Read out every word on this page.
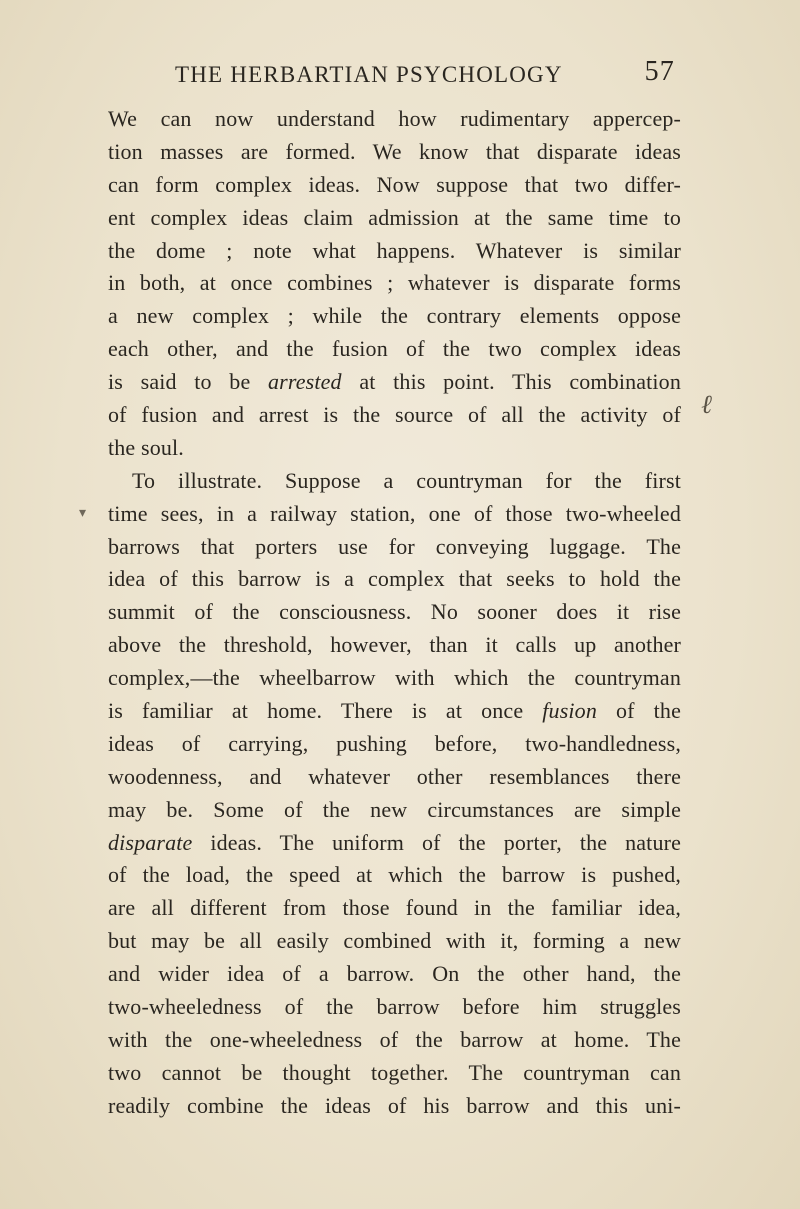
THE HERBARTIAN PSYCHOLOGY	57
We can now understand how rudimentary appercep-
tion masses are formed. We know that disparate ideas
can form complex ideas. Now suppose that two differ-
ent complex ideas claim admission at the same time to
the dome ; note what happens. Whatever is similar
in both, at once combines ; whatever is disparate forms
a new complex ; while the contrary elements oppose
each other, and the fusion of the two complex ideas
is said to be arrested at this point. This combination
of fusion and arrest is the source of all the activity of
the soul.
To illustrate. Suppose a countryman for the first
time sees, in a railway station, one of those two-wheeled
barrows that porters use for conveying luggage. The
idea of this barrow is a complex that seeks to hold the
summit of the consciousness. No sooner does it rise
above the threshold, however, than it calls up another
complex,—the wheelbarrow with which the countryman
is familiar at home. There is at once fusion of the
ideas of carrying, pushing before, two-handledness,
woodenness, and whatever other resemblances there
may be. Some of the new circumstances are simple
disparate ideas. The uniform of the porter, the nature
of the load, the speed at which the barrow is pushed,
are all different from those found in the familiar idea,
but may be all easily combined with it, forming a new
and wider idea of a barrow. On the other hand, the
two-wheeledness of the barrow before him struggles
with the one-wheeledness of the barrow at home. The
two cannot be thought together. The countryman can
readily combine the ideas of his barrow and this uni-
ℓ
▾
